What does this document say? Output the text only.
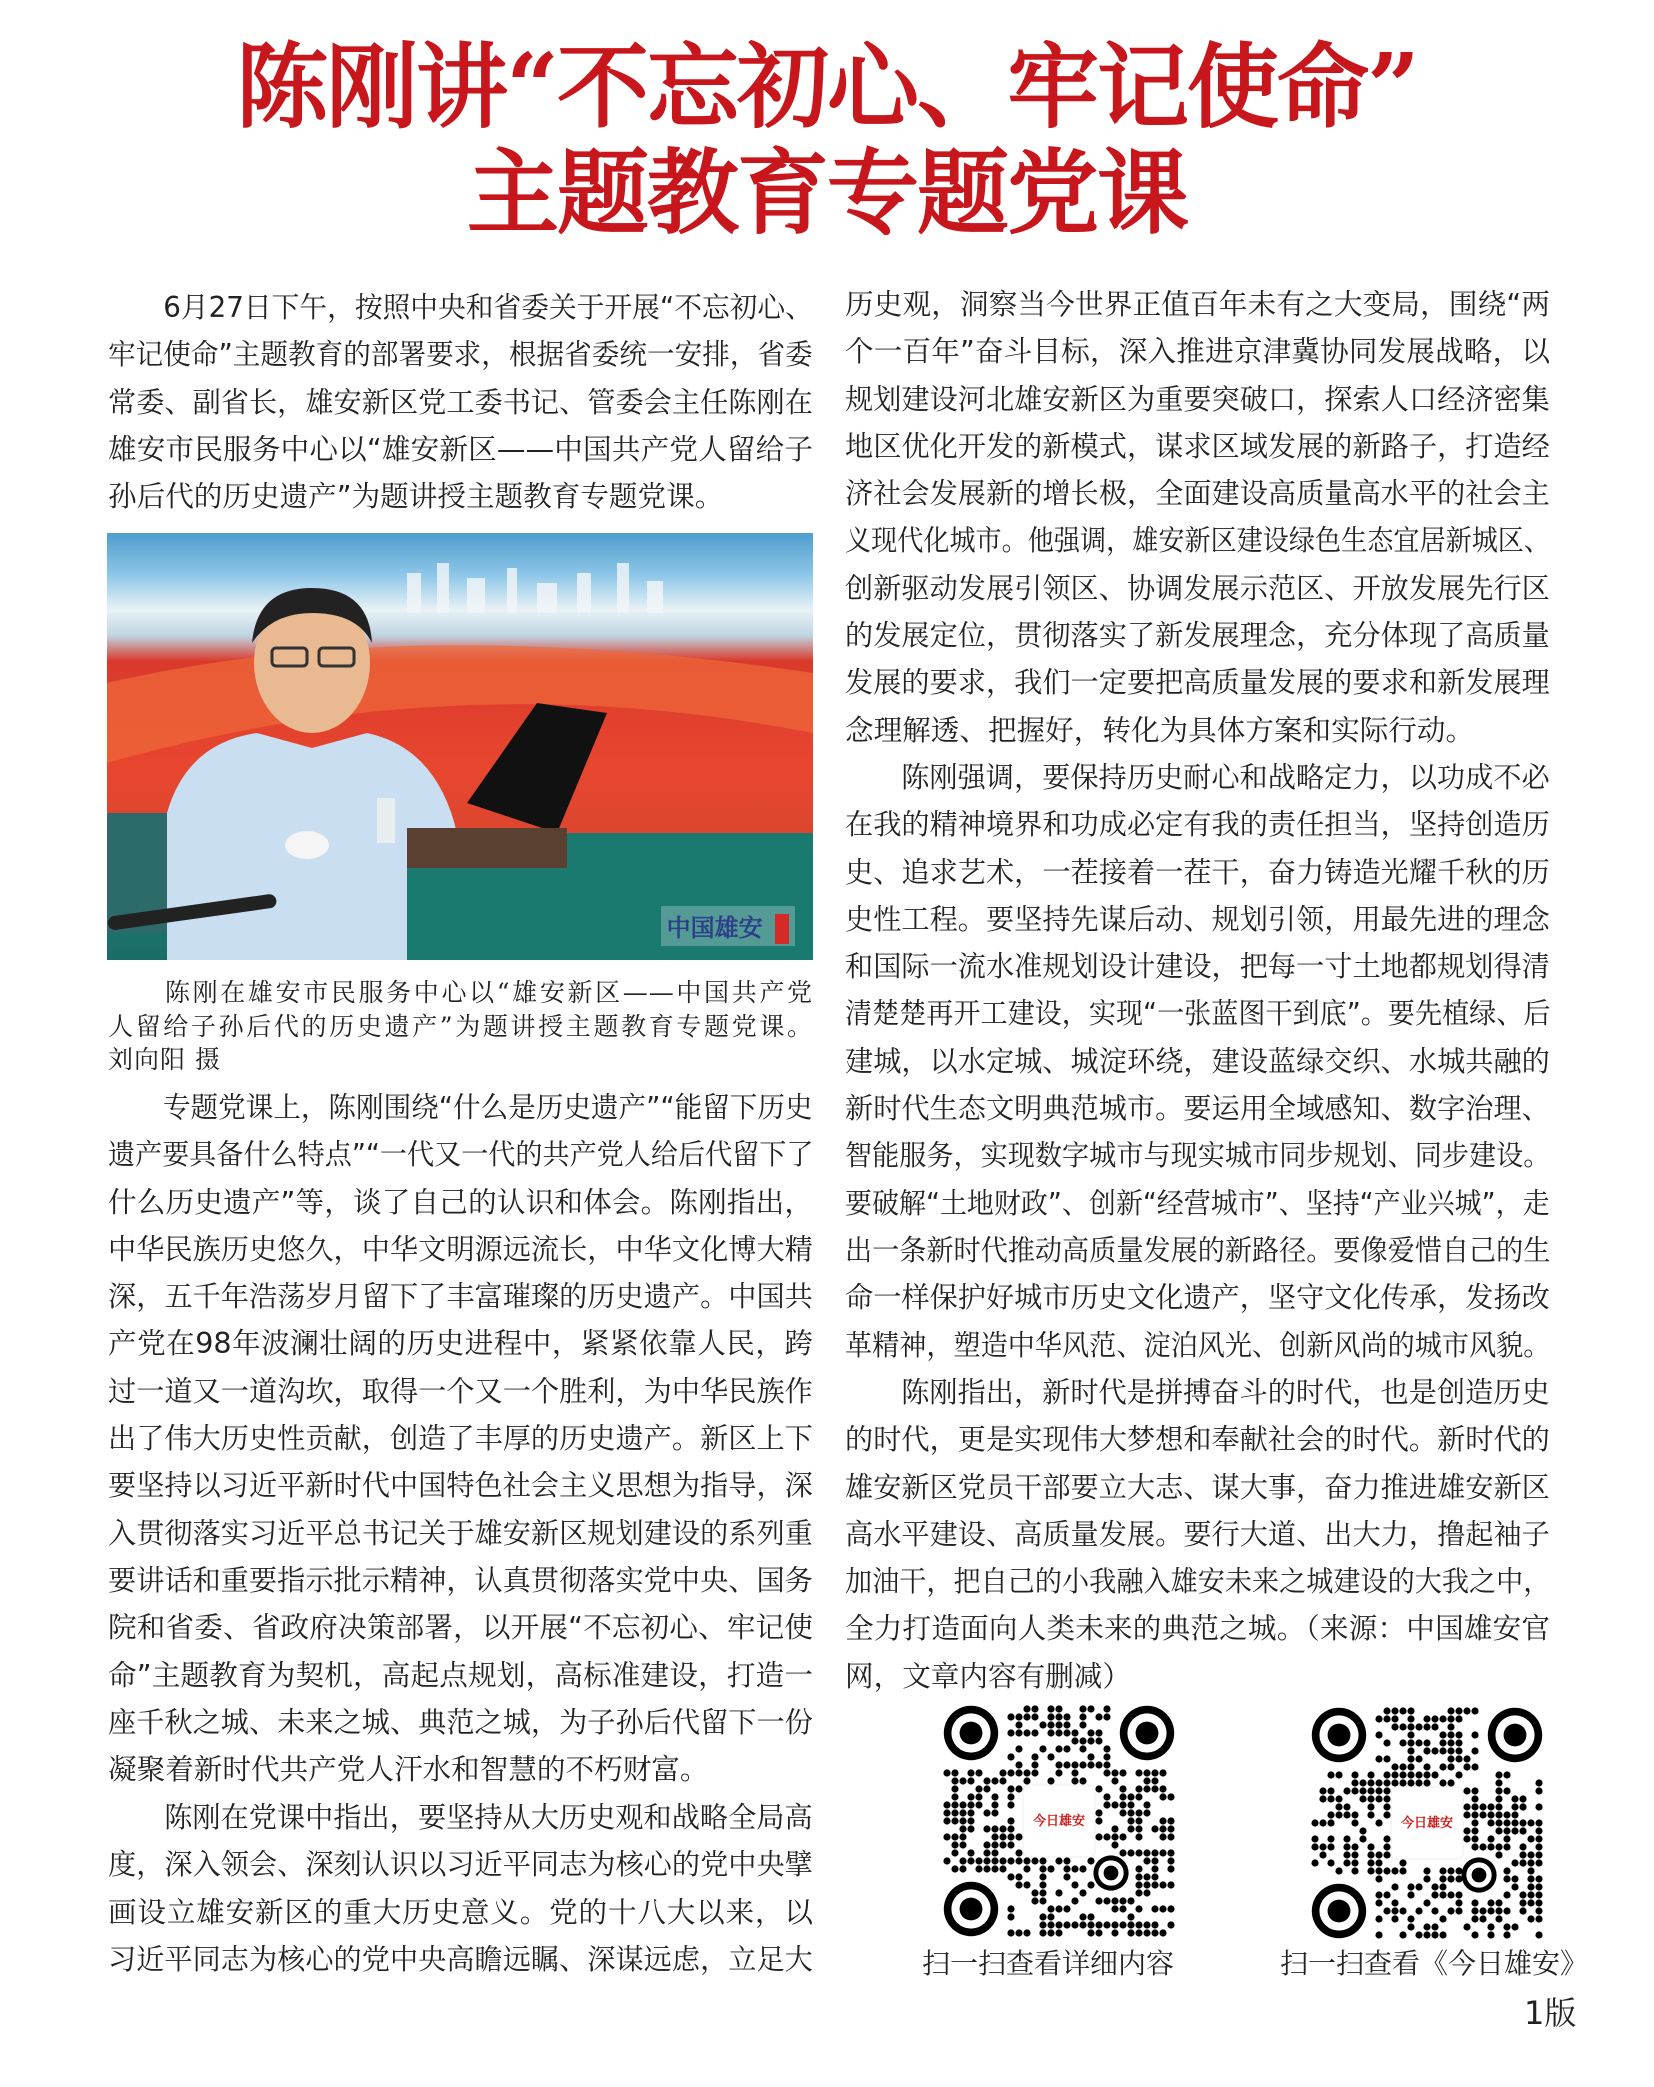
陈刚讲“不忘初心、牢记使命”
主题教育专题党课
6月27日下午，按照中央和省委关于开展“不忘初心、
牢记使命”主题教育的部署要求，根据省委统一安排，省委
常委、副省长，雄安新区党工委书记、管委会主任陈刚在
雄安市民服务中心以“雄安新区——中国共产党人留给子
孙后代的历史遗产”为题讲授主题教育专题党课。
中国雄安
陈刚在雄安市民服务中心以“雄安新区——中国共产党
人留给子孙后代的历史遗产”为题讲授主题教育专题党课。
刘向阳 摄
专题党课上，陈刚围绕“什么是历史遗产”“能留下历史
遗产要具备什么特点”“一代又一代的共产党人给后代留下了
什么历史遗产”等，谈了自己的认识和体会。陈刚指出，
中华民族历史悠久，中华文明源远流长，中华文化博大精
深，五千年浩荡岁月留下了丰富璀璨的历史遗产。中国共
产党在98年波澜壮阔的历史进程中，紧紧依靠人民，跨
过一道又一道沟坎，取得一个又一个胜利，为中华民族作
出了伟大历史性贡献，创造了丰厚的历史遗产。新区上下
要坚持以习近平新时代中国特色社会主义思想为指导，深
入贯彻落实习近平总书记关于雄安新区规划建设的系列重
要讲话和重要指示批示精神，认真贯彻落实党中央、国务
院和省委、省政府决策部署，以开展“不忘初心、牢记使
命”主题教育为契机，高起点规划，高标准建设，打造一
座千秋之城、未来之城、典范之城，为子孙后代留下一份
凝聚着新时代共产党人汗水和智慧的不朽财富。
陈刚在党课中指出，要坚持从大历史观和战略全局高
度，深入领会、深刻认识以习近平同志为核心的党中央擘
画设立雄安新区的重大历史意义。党的十八大以来，以
习近平同志为核心的党中央高瞻远瞩、深谋远虑，立足大
历史观，洞察当今世界正值百年未有之大变局，围绕“两
个一百年”奋斗目标，深入推进京津冀协同发展战略，以
规划建设河北雄安新区为重要突破口，探索人口经济密集
地区优化开发的新模式，谋求区域发展的新路子，打造经
济社会发展新的增长极，全面建设高质量高水平的社会主
义现代化城市。他强调，雄安新区建设绿色生态宜居新城区、
创新驱动发展引领区、协调发展示范区、开放发展先行区
的发展定位，贯彻落实了新发展理念，充分体现了高质量
发展的要求，我们一定要把高质量发展的要求和新发展理
念理解透、把握好，转化为具体方案和实际行动。
陈刚强调，要保持历史耐心和战略定力，以功成不必
在我的精神境界和功成必定有我的责任担当，坚持创造历
史、追求艺术，一茬接着一茬干，奋力铸造光耀千秋的历
史性工程。要坚持先谋后动、规划引领，用最先进的理念
和国际一流水准规划设计建设，把每一寸土地都规划得清
清楚楚再开工建设，实现“一张蓝图干到底”。要先植绿、后
建城，以水定城、城淀环绕，建设蓝绿交织、水城共融的
新时代生态文明典范城市。要运用全域感知、数字治理、
智能服务，实现数字城市与现实城市同步规划、同步建设。
要破解“土地财政”、创新“经营城市”、坚持“产业兴城”，走
出一条新时代推动高质量发展的新路径。要像爱惜自己的生
命一样保护好城市历史文化遗产，坚守文化传承，发扬改
革精神，塑造中华风范、淀泊风光、创新风尚的城市风貌。
陈刚指出，新时代是拼搏奋斗的时代，也是创造历史
的时代，更是实现伟大梦想和奉献社会的时代。新时代的
雄安新区党员干部要立大志、谋大事，奋力推进雄安新区
高水平建设、高质量发展。要行大道、出大力，撸起袖子
加油干，把自己的小我融入雄安未来之城建设的大我之中，
全力打造面向人类未来的典范之城。（来源：中国雄安官
网，文章内容有删减）
今日雄安	今日雄安
扫一扫查看详细内容	扫一扫查看《今日雄安》
1版
